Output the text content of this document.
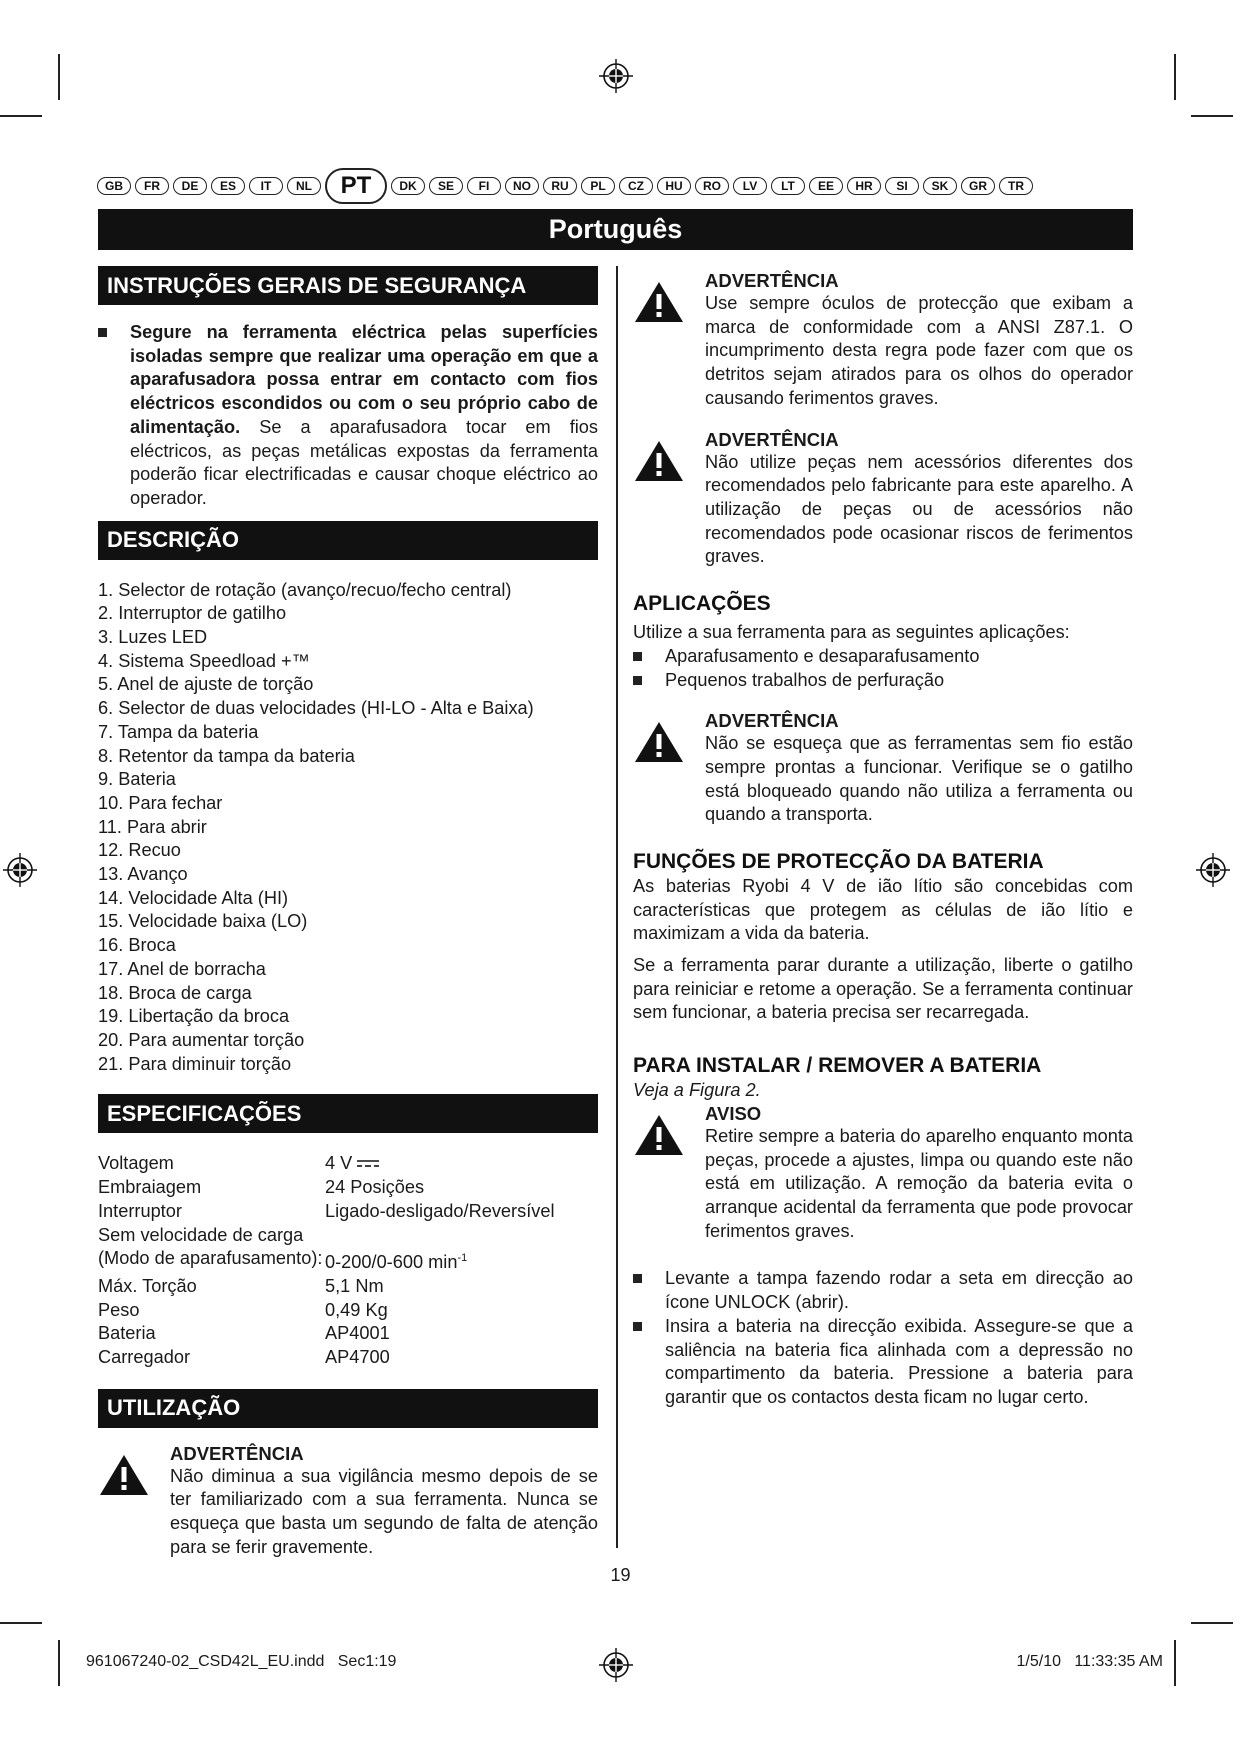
GB	FR	DE	ES	IT	NL	PT	DK	SE	FI	NO	RU	PL	CZ	HU	RO	LV	LT	EE	HR	SI	SK	GR	TR
Português
INSTRUÇÕES GERAIS DE SEGURANÇA

Segure na ferramenta eléctrica pelas superfícies isoladas sempre que realizar uma operação em que a aparafusadora possa entrar em contacto com fios eléctricos escondidos ou com o seu próprio cabo de alimentação. Se a aparafusadora tocar em fios eléctricos, as peças metálicas expostas da ferramenta poderão ficar electrificadas e causar choque eléctrico ao operador.

DESCRIÇÃO
1. Selector de rotação (avanço/recuo/fecho central)
2. Interruptor de gatilho
3. Luzes LED
4. Sistema Speedload +™
5. Anel de ajuste de torção
6. Selector de duas velocidades (HI-LO - Alta e Baixa)
7. Tampa da bateria
8. Retentor da tampa da bateria
9. Bateria
10. Para fechar
11. Para abrir
12. Recuo
13. Avanço
14. Velocidade Alta (HI)
15. Velocidade baixa (LO)
16. Broca
17. Anel de borracha
18. Broca de carga
19. Libertação da broca
20. Para aumentar torção
21. Para diminuir torção
ESPECIFICAÇÕES
Voltagem	4 V
Embraiagem	24 Posições
Interruptor	Ligado-desligado/Reversível
Sem velocidade de carga	
(Modo de aparafusamento):	0-200/0-600 $\min^{-1}$
Máx. Torção	5,1 Nm
Peso	0,49 Kg
Bateria	AP4001
Carregador	AP4700
UTILIZAÇÃO
ADVERTÊNCIA

Não diminua a sua vigilância mesmo depois de se ter familiarizado com a sua ferramenta. Nunca se esqueça que basta um segundo de falta de atenção para se ferir gravemente.

ADVERTÊNCIA

Use sempre óculos de protecção que exibam a marca de conformidade com a ANSI Z87.1. O incumprimento desta regra pode fazer com que os detritos sejam atirados para os olhos do operador causando ferimentos graves.

ADVERTÊNCIA

Não utilize peças nem acessórios diferentes dos recomendados pelo fabricante para este aparelho. A utilização de peças ou de acessórios não recomendados pode ocasionar riscos de ferimentos graves.

APLICAÇÕES

Utilize a sua ferramenta para as seguintes aplicações:

Aparafusamento e desaparafusamento

Pequenos trabalhos de perfuração

ADVERTÊNCIA

Não se esqueça que as ferramentas sem fio estão sempre prontas a funcionar. Verifique se o gatilho está bloqueado quando não utiliza a ferramenta ou quando a transporta.

FUNÇÕES DE PROTECÇÃO DA BATERIA

As baterias Ryobi 4 V de ião lítio são concebidas com características que protegem as células de ião lítio e maximizam a vida da bateria.

Se a ferramenta parar durante a utilização, liberte o gatilho para reiniciar e retome a operação. Se a ferramenta continuar sem funcionar, a bateria precisa ser recarregada.

PARA INSTALAR / REMOVER A BATERIA

Veja a Figura 2.

AVISO

Retire sempre a bateria do aparelho enquanto monta peças, procede a ajustes, limpa ou quando este não está em utilização. A remoção da bateria evita o arranque acidental da ferramenta que pode provocar ferimentos graves.

Levante a tampa fazendo rodar a seta em direcção ao ícone UNLOCK (abrir).

Insira a bateria na direcção exibida. Assegure-se que a saliência na bateria fica alinhada com a depressão no compartimento da bateria. Pressione a bateria para garantir que os contactos desta ficam no lugar certo.

19
961067240-02_CSD42L_EU.indd   Sec1:19	1/5/10   11:33:35 AM
